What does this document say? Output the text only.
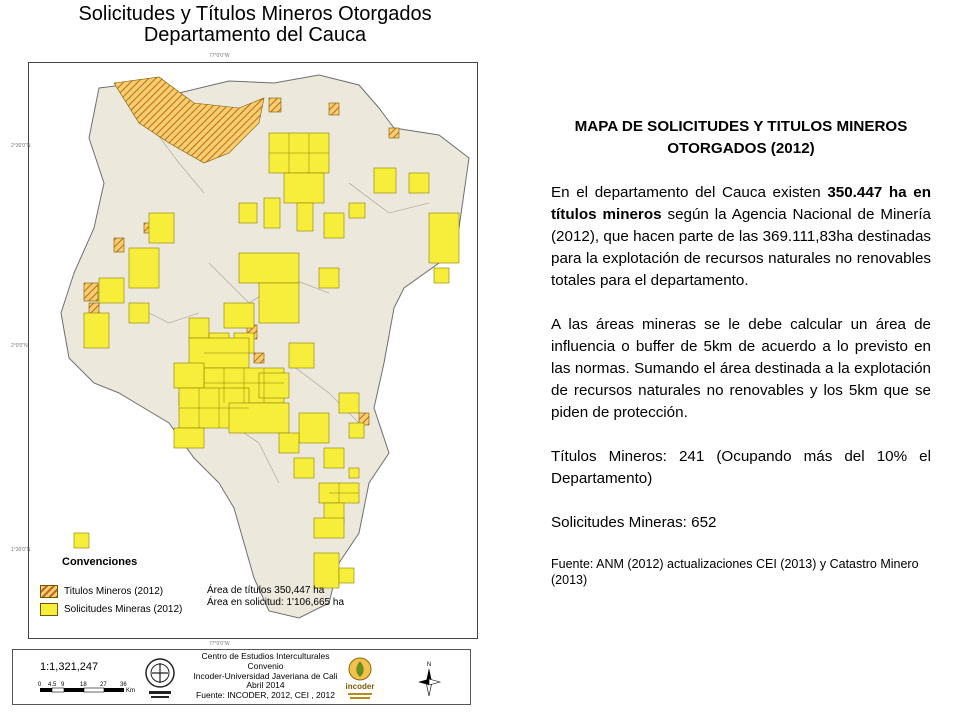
Solicitudes y Títulos Mineros Otorgados
Departamento del Cauca
77°0'0"W
2°30'0"N
2°0'0"N
1°30'0"N
77°0'0"W
Convenciones
Titulos Mineros (2012)
Solicitudes Mineras (2012)
Área de títulos 350,447 ha
Área en solicitud: 1'106,665 ha
1:1,321,247
0 4.5 9	18 27 36
Km
Centro de Estudios Interculturales
Convenio
Incoder-Universidad Javeriana de Cali
Abril 2014
Fuente: INCODER, 2012, CEI , 2012
incoder
N
MAPA DE SOLICITUDES Y TITULOS MINEROS OTORGADOS (2012)

En el departamento del Cauca existen 350.447 ha en títulos mineros según la Agencia Nacional de Minería (2012), que hacen parte de las 369.111,83ha destinadas para la explotación de recursos naturales no renovables totales para el departamento.

A las áreas mineras se le debe calcular un área de influencia o buffer de 5km de acuerdo a lo previsto en las normas. Sumando el área destinada a la explotación de recursos naturales no renovables y los 5km que se piden de protección.

Títulos Mineros: 241 (Ocupando más del 10% el Departamento)

Solicitudes Mineras: 652

Fuente: ANM (2012) actualizaciones CEI (2013) y Catastro Minero (2013)
